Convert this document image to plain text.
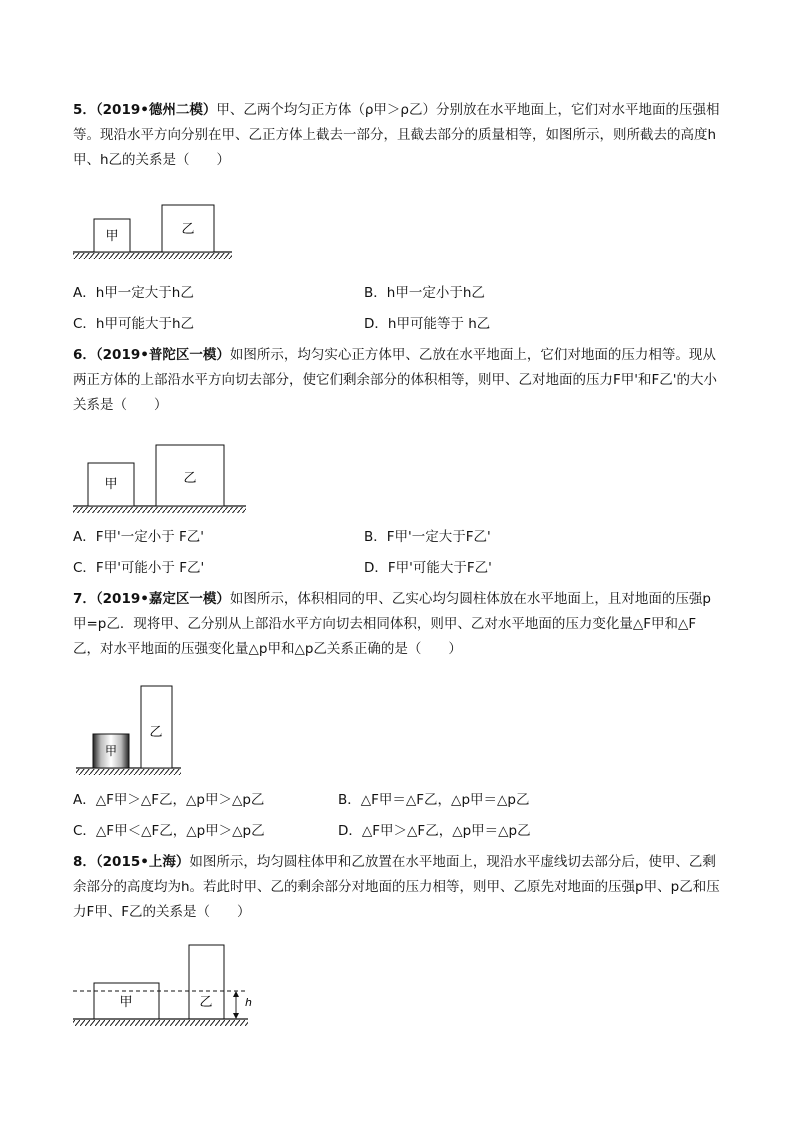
5．（2019•德州二模）甲、乙两个均匀正方体（ρ甲＞ρ乙）分别放在水平地面上，它们对水平地面的压强相等。现沿水平方向分别在甲、乙正方体上截去一部分，且截去部分的质量相等，如图所示，则所截去的高度h甲、h乙的关系是（　　）
甲	乙
甲	乙
甲
乙
甲	乙	h
A．h甲一定大于h乙	B．h甲一定小于h乙
C．h甲可能大于h乙	D．h甲可能等于 h乙
6．（2019•普陀区一模）如图所示，均匀实心正方体甲、乙放在水平地面上，它们对地面的压力相等。现从两正方体的上部沿水平方向切去部分，使它们剩余部分的体积相等，则甲、乙对地面的压力F甲'和F乙'的大小关系是（　　）
A．F甲'一定小于 F乙'	B．F甲'一定大于F乙'
C．F甲'可能小于 F乙'	D．F甲'可能大于F乙'
7．（2019•嘉定区一模）如图所示，体积相同的甲、乙实心均匀圆柱体放在水平地面上，且对地面的压强p甲=p乙．现将甲、乙分别从上部沿水平方向切去相同体积，则甲、乙对水平地面的压力变化量△F甲和△F乙，对水平地面的压强变化量△p甲和△p乙关系正确的是（　　）
A．△F甲＞△F乙，△p甲＞△p乙	B．△F甲＝△F乙，△p甲＝△p乙
C．△F甲＜△F乙，△p甲＞△p乙	D．△F甲＞△F乙，△p甲＝△p乙
8．（2015•上海）如图所示，均匀圆柱体甲和乙放置在水平地面上，现沿水平虚线切去部分后，使甲、乙剩余部分的高度均为h。若此时甲、乙的剩余部分对地面的压力相等，则甲、乙原先对地面的压强p甲、p乙和压力F甲、F乙的关系是（　　）
